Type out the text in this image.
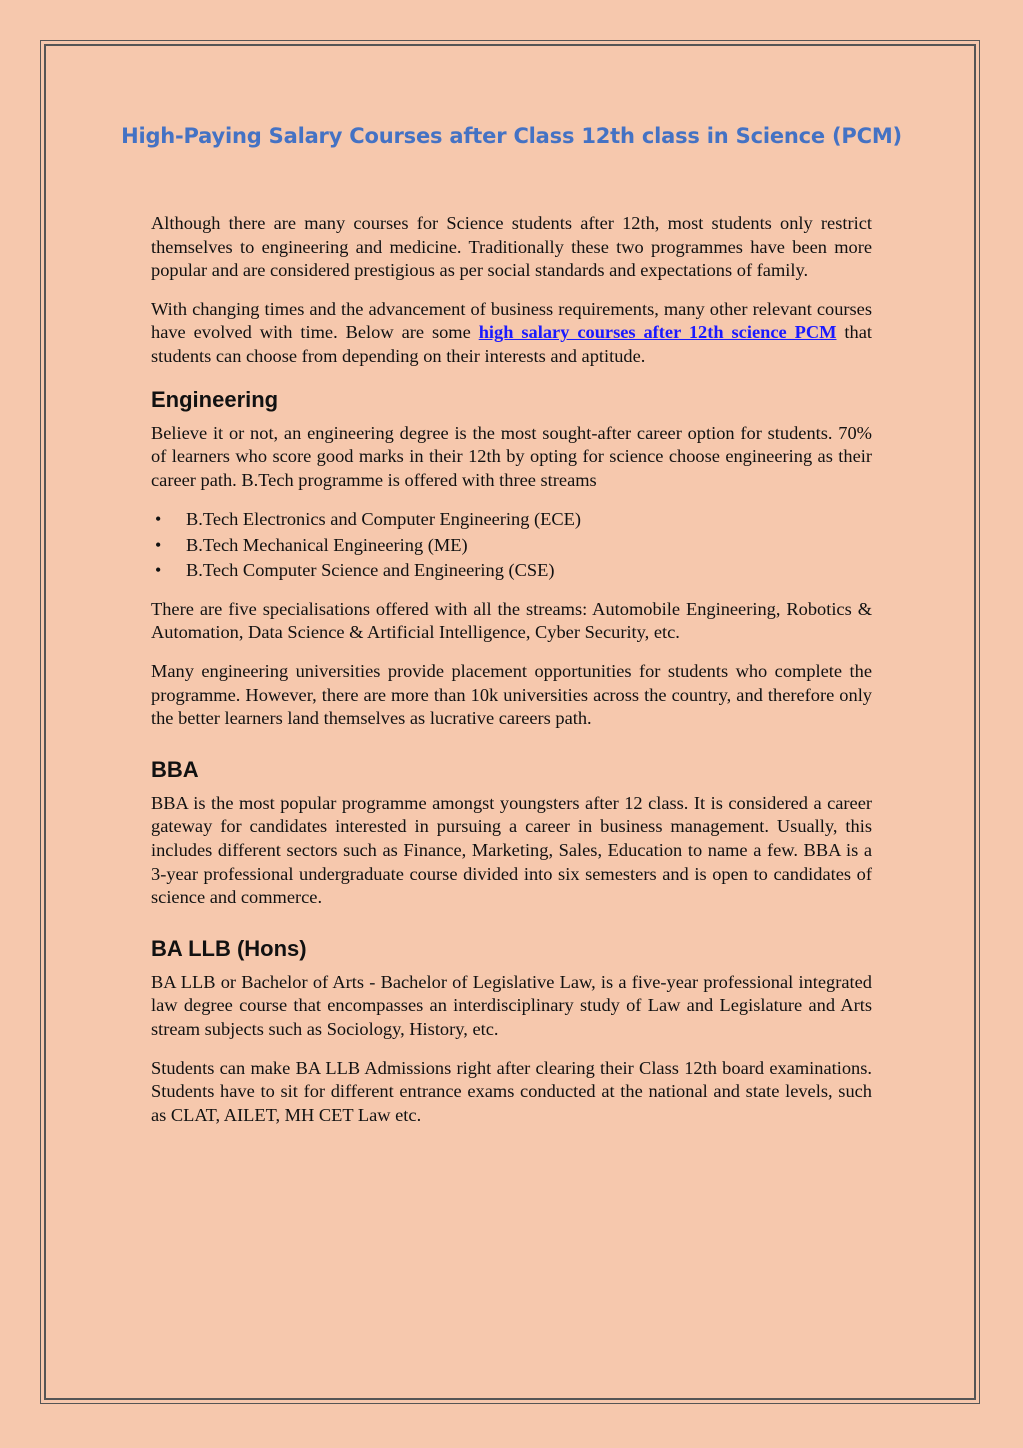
High-Paying Salary Courses after Class 12th class in Science (PCM)

Although there are many courses for Science students after 12th, most students only restrict themselves to engineering and medicine. Traditionally these two programmes have been more popular and are considered prestigious as per social standards and expectations of family.

With changing times and the advancement of business requirements, many other relevant courses have evolved with time. Below are some high salary courses after 12th science PCM that students can choose from depending on their interests and aptitude.

Engineering

Believe it or not, an engineering degree is the most sought-after career option for students. 70% of learners who score good marks in their 12th by opting for science choose engineering as their career path. B.Tech programme is offered with three streams

• B.Tech Electronics and Computer Engineering (ECE)
• B.Tech Mechanical Engineering (ME)
• B.Tech Computer Science and Engineering (CSE)

There are five specialisations offered with all the streams: Automobile Engineering, Robotics & Automation, Data Science & Artificial Intelligence, Cyber Security, etc.

Many engineering universities provide placement opportunities for students who complete the programme. However, there are more than 10k universities across the country, and therefore only the better learners land themselves as lucrative careers path.

BBA

BBA is the most popular programme amongst youngsters after 12 class. It is considered a career gateway for candidates interested in pursuing a career in business management. Usually, this includes different sectors such as Finance, Marketing, Sales, Education to name a few. BBA is a 3-year professional undergraduate course divided into six semesters and is open to candidates of science and commerce.

BA LLB (Hons)

BA LLB or Bachelor of Arts - Bachelor of Legislative Law, is a five-year professional integrated law degree course that encompasses an interdisciplinary study of Law and Legislature and Arts stream subjects such as Sociology, History, etc.

Students can make BA LLB Admissions right after clearing their Class 12th board examinations. Students have to sit for different entrance exams conducted at the national and state levels, such as CLAT, AILET, MH CET Law etc.
